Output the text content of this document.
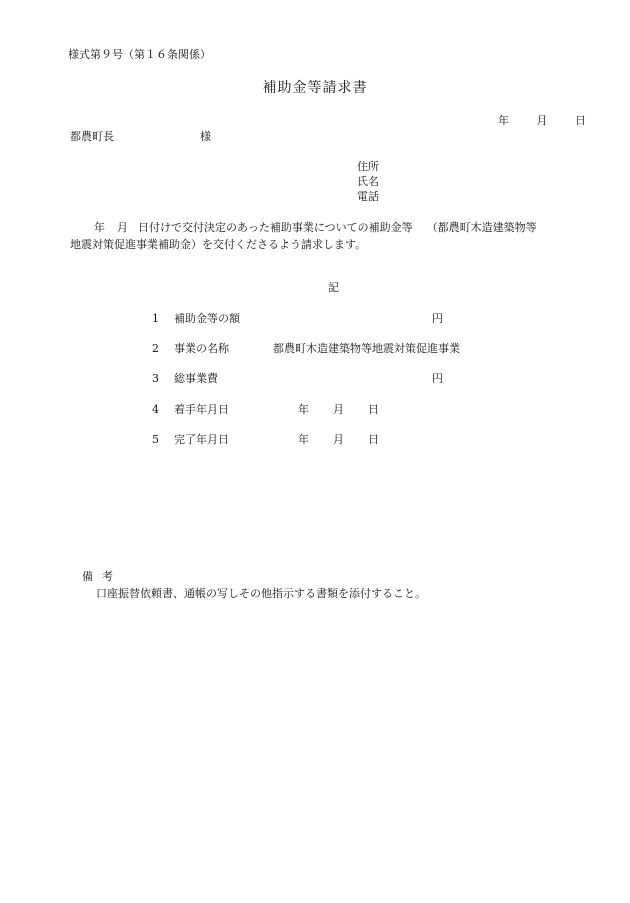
様式第９号（第１６条関係）
補助金等請求書
年	月	日
都農町長	様
住所
氏名
電話
年 月 日付けで交付決定のあった補助事業についての補助金等 （都農町木造建築物等
地震対策促進事業補助金）を交付くださるよう請求します。
記
1 補助金等の額	円
2 事業の名称	都農町木造建築物等地震対策促進事業
3 総事業費	円
4 着手年月日	年 月 日
5 完了年月日	年 月 日
備 考
口座振替依頼書、通帳の写しその他指示する書類を添付すること。
